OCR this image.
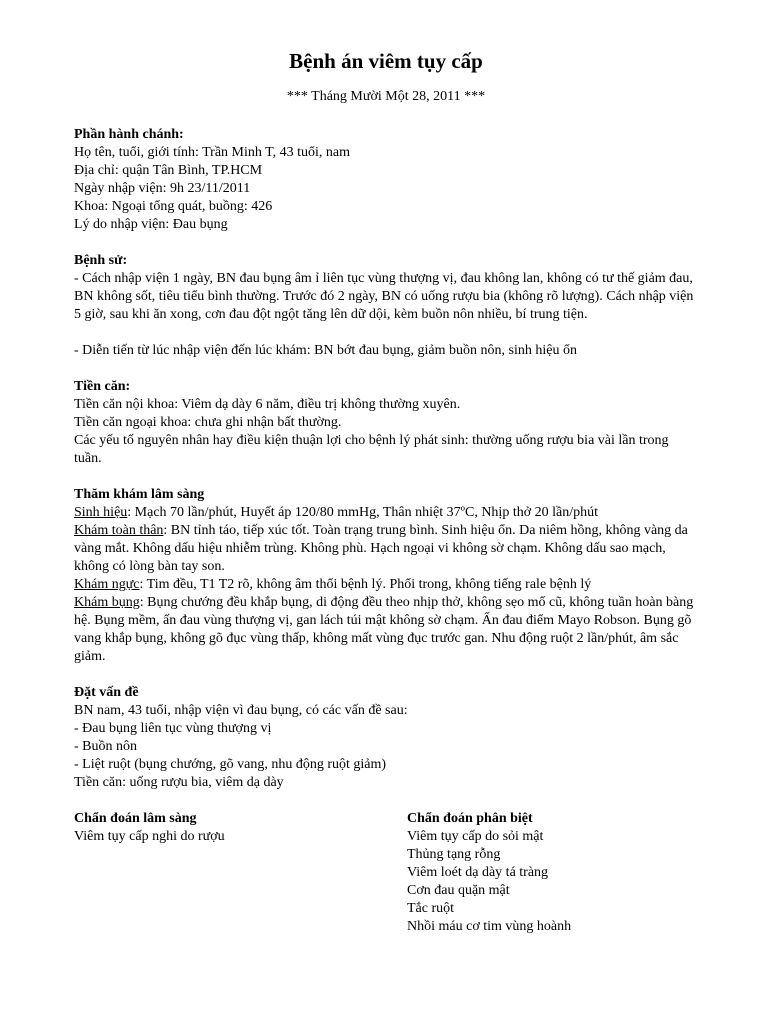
Bệnh án viêm tụy cấp
*** Tháng Mười Một 28, 2011 ***
Phần hành chánh:

Họ tên, tuổi, giới tính: Trần Minh T, 43 tuổi, nam

Địa chỉ: quận Tân Bình, TP.HCM

Ngày nhập viện: 9h 23/11/2011

Khoa: Ngoại tổng quát, buồng: 426

Lý do nhập viện: Đau bụng

Bệnh sử:

- Cách nhập viện 1 ngày, BN đau bụng âm ỉ liên tục vùng thượng vị, đau không lan, không có tư thế giảm đau, BN không sốt, tiêu tiểu bình thường. Trước đó 2 ngày, BN có uống rượu bia (không rõ lượng). Cách nhập viện 5 giờ, sau khi ăn xong, cơn đau đột ngột tăng lên dữ dội, kèm buồn nôn nhiều, bí trung tiện.

- Diễn tiến từ lúc nhập viện đến lúc khám: BN bớt đau bụng, giảm buồn nôn, sinh hiệu ổn

Tiền căn:

Tiền căn nội khoa: Viêm dạ dày 6 năm, điều trị không thường xuyên.

Tiền căn ngoại khoa: chưa ghi nhận bất thường.

Các yếu tố nguyên nhân hay điều kiện thuận lợi cho bệnh lý phát sinh: thường uống rượu bia vài lần trong tuần.

Thăm khám lâm sàng

Sinh hiệu: Mạch 70 lần/phút, Huyết áp 120/80 mmHg, Thân nhiệt 37ºC, Nhịp thở 20 lần/phút

Khám toàn thân: BN tỉnh táo, tiếp xúc tốt. Toàn trạng trung bình. Sinh hiệu ổn. Da niêm hồng, không vàng da vàng mắt. Không dấu hiệu nhiễm trùng. Không phù. Hạch ngoại vi không sờ chạm. Không dấu sao mạch, không có lòng bàn tay son.

Khám ngực: Tim đều, T1 T2 rõ, không âm thổi bệnh lý. Phổi trong, không tiếng rale bệnh lý

Khám bụng: Bụng chướng đều khắp bụng, di động đều theo nhịp thở, không sẹo mổ cũ, không tuần hoàn bàng hệ. Bụng mềm, ấn đau vùng thượng vị, gan lách túi mật không sờ chạm. Ấn đau điểm Mayo Robson. Bụng gõ vang khắp bụng, không gõ đục vùng thấp, không mất vùng đục trước gan. Nhu động ruột 2 lần/phút, âm sắc giảm.

Đặt vấn đề

BN nam, 43 tuổi, nhập viện vì đau bụng, có các vấn đề sau:

- Đau bụng liên tục vùng thượng vị

- Buồn nôn

- Liệt ruột (bụng chướng, gõ vang, nhu động ruột giảm)

Tiền căn: uống rượu bia, viêm dạ dày

Chẩn đoán lâm sàng

Viêm tụy cấp nghi do rượu

Chẩn đoán phân biệt

Viêm tụy cấp do sỏi mật

Thủng tạng rỗng

Viêm loét dạ dày tá tràng

Cơn đau quặn mật

Tắc ruột

Nhồi máu cơ tim vùng hoành
